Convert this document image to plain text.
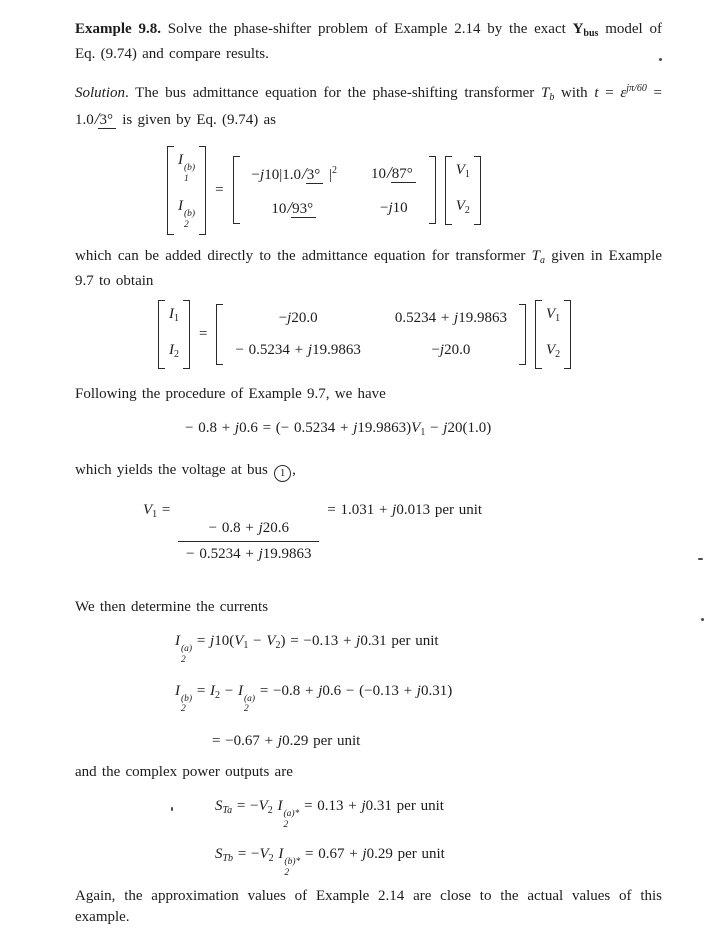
Example 9.8. Solve the phase-shifter problem of Example 2.14 by the exact $Y_{bus}$ model of Eq. (9.74) and compare results.

Solution. The bus admittance equation for the phase-shifting transformer $T_b$ with $t = \varepsilon^{j\pi/60} = 1.0/3^\circ$ is given by Eq. (9.74) as

I (b)
1
I (b)
2
=
−j10|1.0/3° $|^2$ 10/87°
10/93°	−j10
$V_1$
$V_2$

which can be added directly to the admittance equation for transformer $T_a$ given in Example 9.7 to obtain

$I_1$
$I_2$
=
−j20.0	0.5234 + j19.9863
− 0.5234 + j19.9863	−j20.0
$V_1$
$V_2$

Following the procedure of Example 9.7, we have

− 0.8 + j0.6 = (− $0.5234 + j19.9863)V_1 - j20(1.0)$

which yields the voltage at bus 1 ,

$V_1$ =
$\frac{- 0.8 + j20.6}{- 0.5234 + j19.9863}$
= 1.031 + j0.013 per unit

We then determine the currents

I (a)
2
= $j10(V_1 - V_2) = -0.13 + j0.31$ per unit
I (b)
2
= $I_2 - I$ (a)
2
= −0.8 + j0.6 − (−0.13 + j0.31)
= −0.67 + j0.29 per unit

and the complex power outputs are

$S_{Ta} = -V_2$ I (a)*
2
= 0.13 + j0.31 per unit
$S_{Tb} = -V_2$ I (b)*
2
= 0.67 + j0.29 per unit

Again, the approximation values of Example 2.14 are close to the actual values of this example.
